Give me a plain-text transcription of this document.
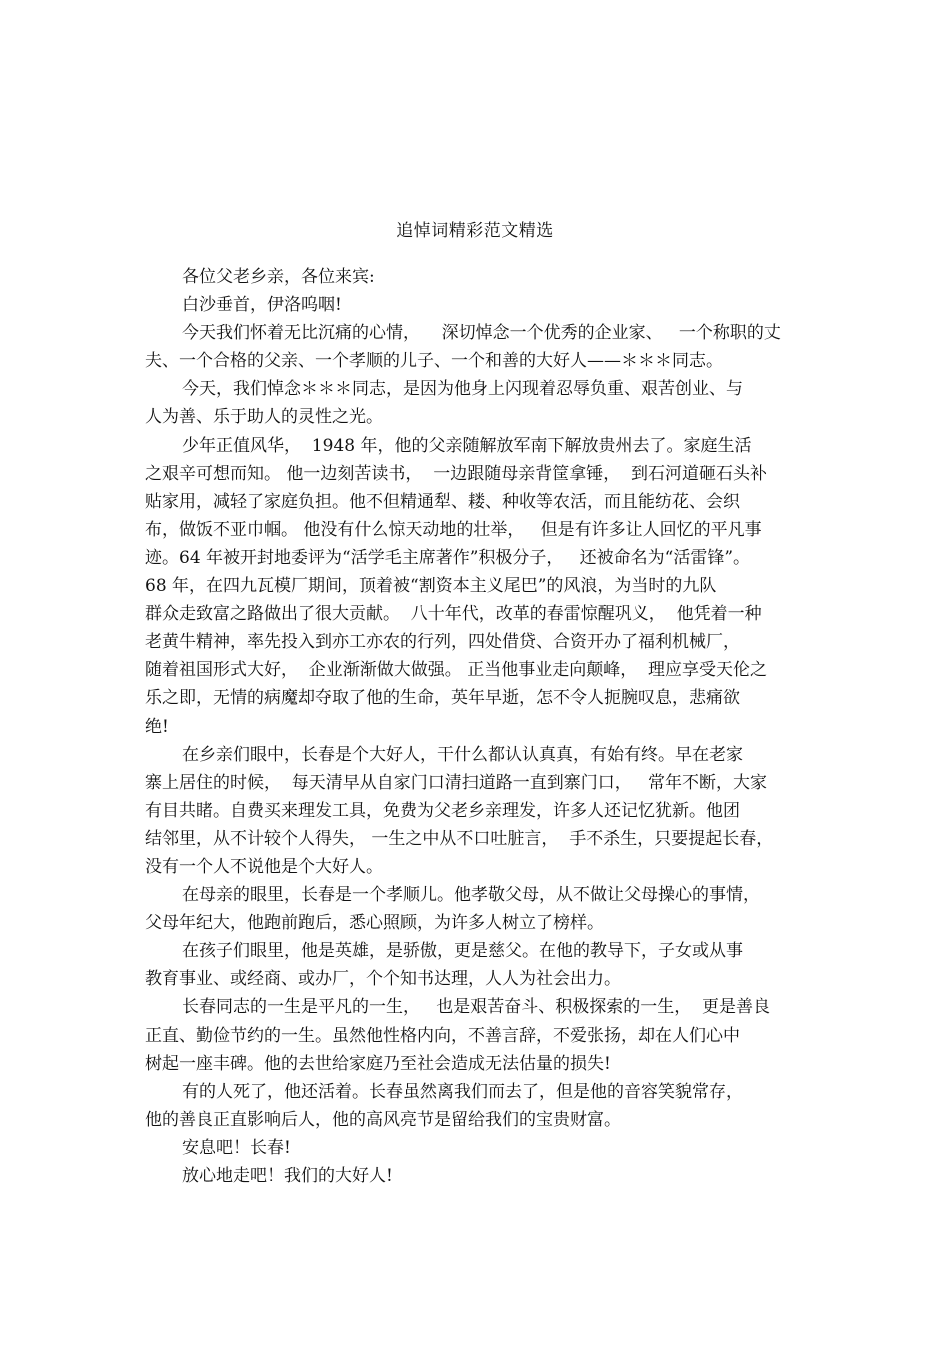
追悼词精彩范文精选
各位父老乡亲，各位来宾:
白沙垂首，伊洛呜咽!
今天我们怀着无比沉痛的心情，    深切悼念一个优秀的企业家、   一个称职的丈
夫、一个合格的父亲、一个孝顺的儿子、一个和善的大好人——＊＊＊同志。
今天，我们悼念＊＊＊同志，是因为他身上闪现着忍辱负重、艰苦创业、与
人为善、乐于助人的灵性之光。
少年正值风华，  1948 年，他的父亲随解放军南下解放贵州去了。家庭生活
之艰辛可想而知。 他一边刻苦读书，  一边跟随母亲背筐拿锤，  到石河道砸石头补
贴家用，减轻了家庭负担。他不但精通犁、耧、种收等农活，而且能纺花、会织
布，做饭不亚巾帼。 他没有什么惊天动地的壮举，   但是有许多让人回忆的平凡事
迹。64 年被开封地委评为“活学毛主席著作”积极分子，   还被命名为“活雷锋”。
68 年，在四九瓦模厂期间，顶着被“割资本主义尾巴”的风浪，为当时的九队
群众走致富之路做出了很大贡献。  八十年代，改革的春雷惊醒巩义，  他凭着一种
老黄牛精神，率先投入到亦工亦农的行列，四处借贷、合资开办了福利机械厂，
随着祖国形式大好，  企业渐渐做大做强。 正当他事业走向颠峰，  理应享受天伦之
乐之即，无情的病魔却夺取了他的生命，英年早逝，怎不令人扼腕叹息，悲痛欲
绝!
在乡亲们眼中，长春是个大好人，干什么都认认真真，有始有终。早在老家
寨上居住的时候，  每天清早从自家门口清扫道路一直到寨门口，   常年不断，大家
有目共睹。自费买来理发工具，免费为父老乡亲理发，许多人还记忆犹新。他团
结邻里，从不计较个人得失， 一生之中从不口吐脏言，  手不杀生，只要提起长春，
没有一个人不说他是个大好人。
在母亲的眼里，长春是一个孝顺儿。他孝敬父母，从不做让父母操心的事情，
父母年纪大，他跑前跑后，悉心照顾，为许多人树立了榜样。
在孩子们眼里，他是英雄，是骄傲，更是慈父。在他的教导下，子女或从事
教育事业、或经商、或办厂，个个知书达理，人人为社会出力。
长春同志的一生是平凡的一生，   也是艰苦奋斗、积极探索的一生，  更是善良
正直、勤俭节约的一生。虽然他性格内向，不善言辞，不爱张扬，却在人们心中
树起一座丰碑。他的去世给家庭乃至社会造成无法估量的损失!
有的人死了，他还活着。长春虽然离我们而去了，但是他的音容笑貌常存，
他的善良正直影响后人，他的高风亮节是留给我们的宝贵财富。
安息吧！长春!
放心地走吧！我们的大好人!
